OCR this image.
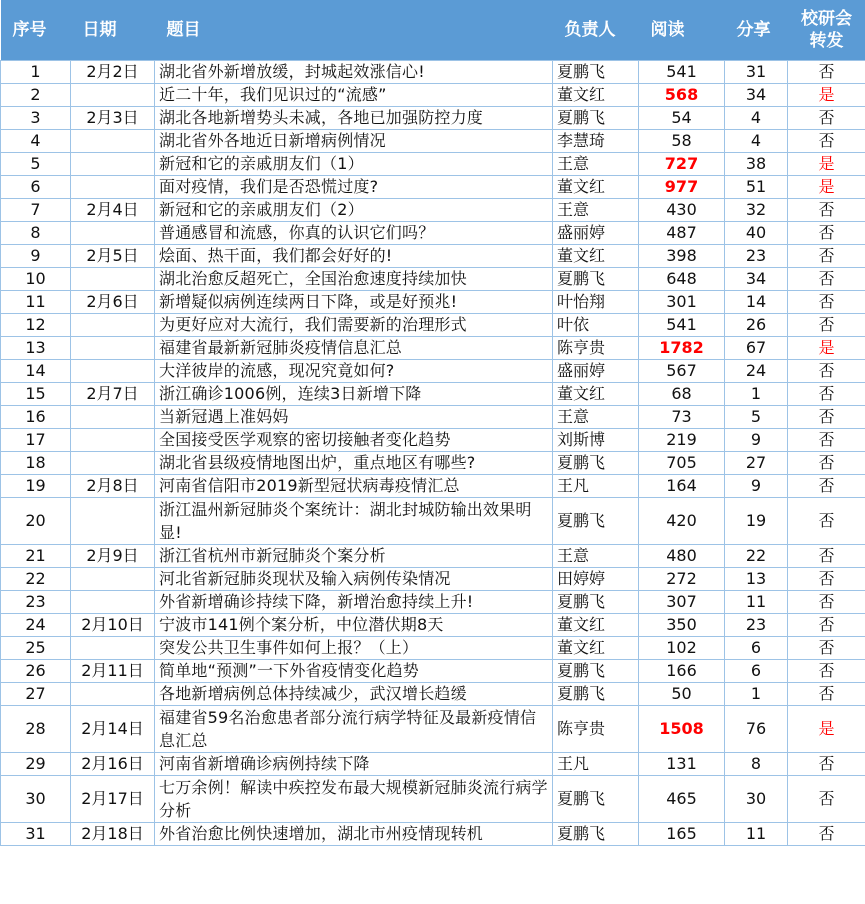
序号	日期	题目	负责人	阅读	分享	校研会
转发
1	2月2日	湖北省外新增放缓，封城起效涨信心!	夏鹏飞	541	31	否
2		近二十年，我们见识过的“流感”	董文红	568	34	是
3	2月3日	湖北各地新增势头未减，各地已加强防控力度	夏鹏飞	54	4	否
4		湖北省外各地近日新增病例情况	李慧琦	58	4	否
5		新冠和它的亲戚朋友们（1）	王意	727	38	是
6		面对疫情，我们是否恐慌过度?	董文红	977	51	是
7	2月4日	新冠和它的亲戚朋友们（2）	王意	430	32	否
8		普通感冒和流感，你真的认识它们吗？	盛丽婷	487	40	否
9	2月5日	烩面、热干面，我们都会好好的!	董文红	398	23	否
10		湖北治愈反超死亡，全国治愈速度持续加快	夏鹏飞	648	34	否
11	2月6日	新增疑似病例连续两日下降，或是好预兆!	叶怡翔	301	14	否
12		为更好应对大流行，我们需要新的治理形式	叶依	541	26	否
13		福建省最新新冠肺炎疫情信息汇总	陈亨贵	1782	67	是
14		大洋彼岸的流感，现况究竟如何?	盛丽婷	567	24	否
15	2月7日	浙江确诊1006例，连续3日新增下降	董文红	68	1	否
16		当新冠遇上准妈妈	王意	73	5	否
17		全国接受医学观察的密切接触者变化趋势	刘斯博	219	9	否
18		湖北省县级疫情地图出炉，重点地区有哪些?	夏鹏飞	705	27	否
19	2月8日	河南省信阳市2019新型冠状病毒疫情汇总	王凡	164	9	否
20		浙江温州新冠肺炎个案统计：湖北封城防输出效果明显!	夏鹏飞	420	19	否
21	2月9日	浙江省杭州市新冠肺炎个案分析	王意	480	22	否
22		河北省新冠肺炎现状及输入病例传染情况	田婷婷	272	13	否
23		外省新增确诊持续下降，新增治愈持续上升!	夏鹏飞	307	11	否
24	2月10日	宁波市141例个案分析，中位潜伏期8天	董文红	350	23	否
25		突发公共卫生事件如何上报？（上）	董文红	102	6	否
26	2月11日	简单地“预测”一下外省疫情变化趋势	夏鹏飞	166	6	否
27		各地新增病例总体持续减少，武汉增长趋缓	夏鹏飞	50	1	否
28	2月14日	福建省59名治愈患者部分流行病学特征及最新疫情信息汇总	陈亨贵	1508	76	是
29	2月16日	河南省新增确诊病例持续下降	王凡	131	8	否
30	2月17日	七万余例！解读中疾控发布最大规模新冠肺炎流行病学分析	夏鹏飞	465	30	否
31	2月18日	外省治愈比例快速增加，湖北市州疫情现转机	夏鹏飞	165	11	否
